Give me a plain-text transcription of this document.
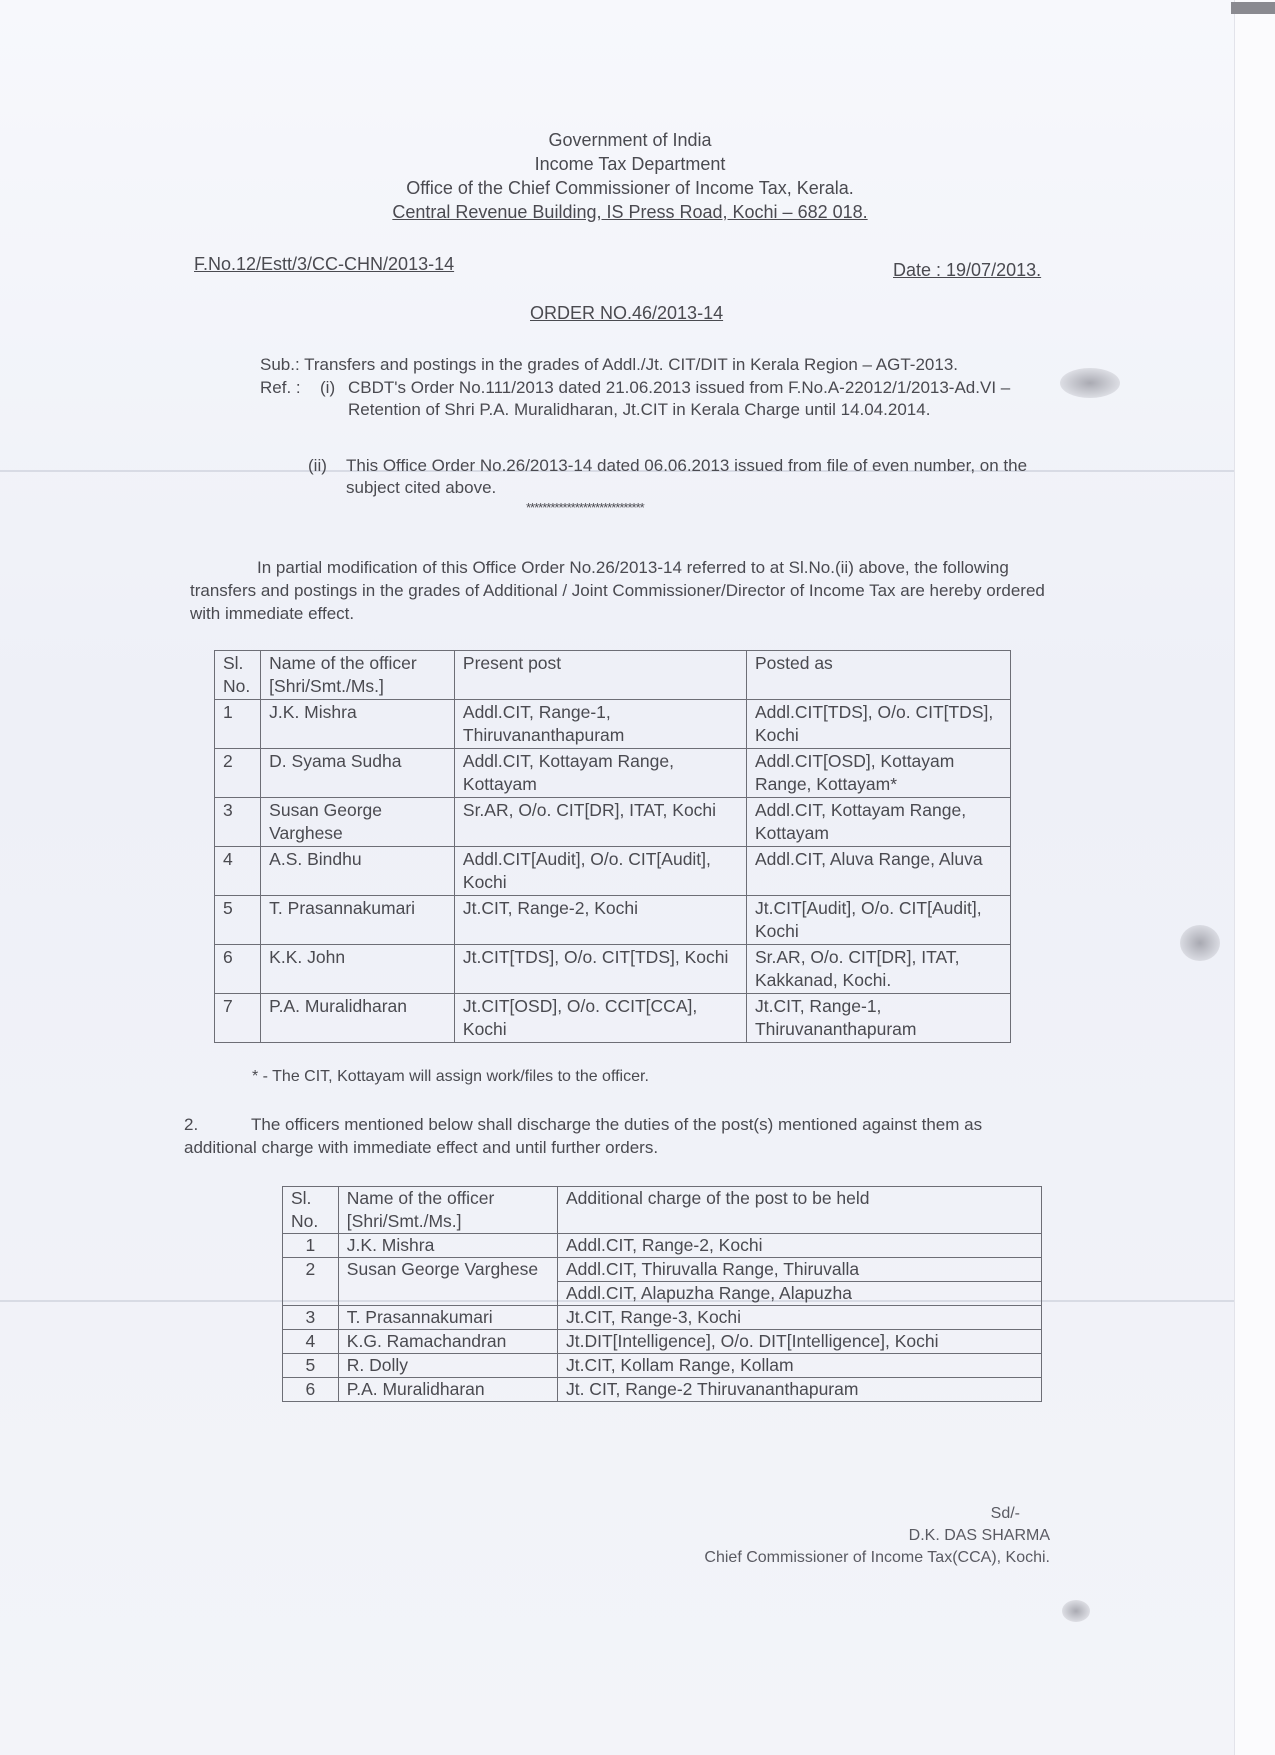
Government of India
Income Tax Department
Office of the Chief Commissioner of Income Tax, Kerala.
Central Revenue Building, IS Press Road, Kochi – 682 018.
F.No.12/Estt/3/CC-CHN/2013-14	Date : 19/07/2013.
ORDER NO.46/2013-14
Sub.: Transfers and postings in the grades of Addl./Jt. CIT/DIT in Kerala Region – AGT-2013.
Ref. : (i) CBDT's Order No.111/2013 dated 21.06.2013 issued from F.No.A-22012/1/2013-Ad.VI – Retention of Shri P.A. Muralidharan, Jt.CIT in Kerala Charge until 14.04.2014.
(ii)	This Office Order No.26/2013-14 dated 06.06.2013 issued from file of even number, on the subject cited above.
*****************************
In partial modification of this Office Order No.26/2013-14 referred to at Sl.No.(ii) above, the following transfers and postings in the grades of Additional / Joint Commissioner/Director of Income Tax are hereby ordered with immediate effect.
Sl. No.	Name of the officer [Shri/Smt./Ms.]	Present post	Posted as
1	J.K. Mishra	Addl.CIT, Range-1, Thiruvananthapuram	Addl.CIT[TDS], O/o. CIT[TDS], Kochi
2	D. Syama Sudha	Addl.CIT, Kottayam Range, Kottayam	Addl.CIT[OSD], Kottayam Range, Kottayam*
3	Susan George Varghese	Sr.AR, O/o. CIT[DR], ITAT, Kochi	Addl.CIT, Kottayam Range, Kottayam
4	A.S. Bindhu	Addl.CIT[Audit], O/o. CIT[Audit], Kochi	Addl.CIT, Aluva Range, Aluva
5	T. Prasannakumari	Jt.CIT, Range-2, Kochi	Jt.CIT[Audit], O/o. CIT[Audit], Kochi
6	K.K. John	Jt.CIT[TDS], O/o. CIT[TDS], Kochi	Sr.AR, O/o. CIT[DR], ITAT, Kakkanad, Kochi.
7	P.A. Muralidharan	Jt.CIT[OSD], O/o. CCIT[CCA], Kochi	Jt.CIT, Range-1, Thiruvananthapuram
* - The CIT, Kottayam will assign work/files to the officer.
2.	The officers mentioned below shall discharge the duties of the post(s) mentioned against them as additional charge with immediate effect and until further orders.
Sl. No.	Name of the officer [Shri/Smt./Ms.]	Additional charge of the post to be held
1	J.K. Mishra	Addl.CIT, Range-2, Kochi
2	Susan George Varghese	Addl.CIT, Thiruvalla Range, Thiruvalla
		Addl.CIT, Alapuzha Range, Alapuzha
3	T. Prasannakumari	Jt.CIT, Range-3, Kochi
4	K.G. Ramachandran	Jt.DIT[Intelligence], O/o. DIT[Intelligence], Kochi
5	R. Dolly	Jt.CIT, Kollam Range, Kollam
6	P.A. Muralidharan	Jt. CIT, Range-2 Thiruvananthapuram
Sd/-
D.K. DAS SHARMA
Chief Commissioner of Income Tax(CCA), Kochi.
